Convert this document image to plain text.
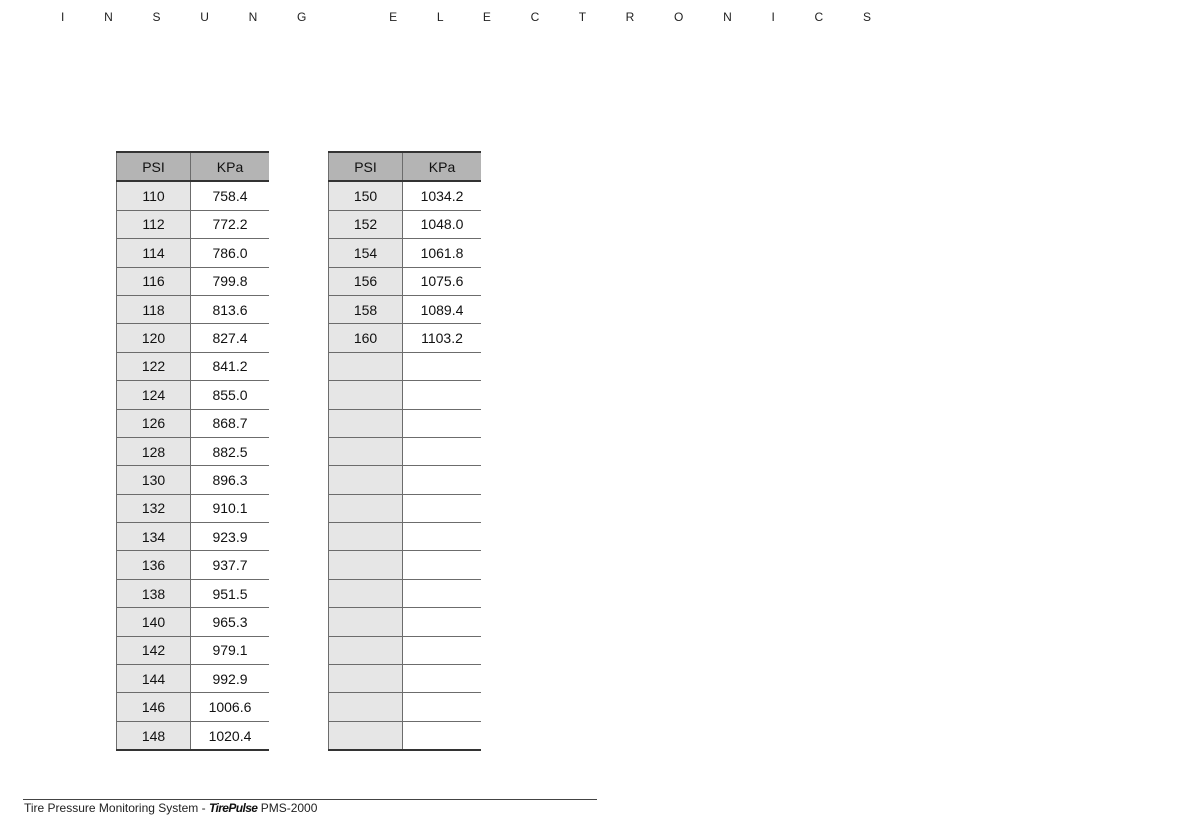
I N S U N G   E L E C T R O N I C S
PSI	KPa
110	758.4
112	772.2
114	786.0
116	799.8
118	813.6
120	827.4
122	841.2
124	855.0
126	868.7
128	882.5
130	896.3
132	910.1
134	923.9
136	937.7
138	951.5
140	965.3
142	979.1
144	992.9
146	1006.6
148	1020.4
PSI	KPa
150	1034.2
152	1048.0
154	1061.8
156	1075.6
158	1089.4
160	1103.2

Tire Pressure Monitoring System - TirePulse PMS-2000
